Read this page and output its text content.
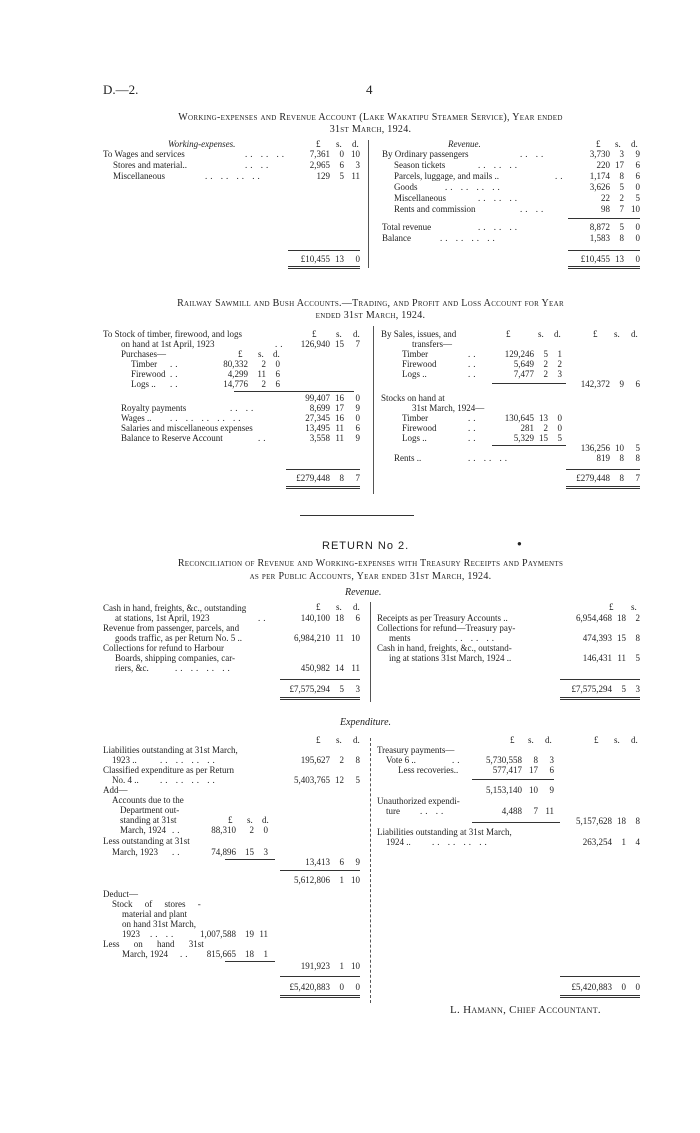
D.—2.	4
Working-expenses and Revenue Account (Lake Wakatipu Steamer Service), Year ended
31st March, 1924.
Working-expenses.	£ s. d.	Revenue.	£ s. d.
To Wages and services	.. .. ..	7,361	0 10
Stores and material..	.. ..	2,965	6	3
Miscellaneous	.. .. .. ..	129	5 11
By Ordinary passengers	.. ..	3,730	3	9
Season tickets	.. .. ..	220 17	6
Parcels, luggage, and mails ..	..	1,174	8	6
Goods	.. .. .. ..	3,626	5	0
Miscellaneous	.. .. ..	22	2	5
Rents and commission	.. ..	98	7 10
Total revenue	.. .. ..	8,872	5	0
Balance	.. .. .. ..	1,583	8	0
£10,455 13	0	£10,455 13	0
Railway Sawmill and Bush Accounts.—Trading, and Profit and Loss Account for Year
ended 31st March, 1924.
To Stock of timber, firewood, and logs	£ s. d.
on hand at 1st April, 1923	..	126,940 15	7
Purchases—	£ s. d.
Timber ..	80,332	2	0
Firewood ..	4,299	11	6
Logs .. ..	14,776	2	6
99,407 16	0
Royalty payments	.. ..	8,699 17	9
Wages .. .. .. .. .. ..	27,345 16	0
Salaries and miscellaneous expenses	13,495 11	6
Balance to Reserve Account	..	3,558 11	9
By Sales, issues, and	£	s. d.	£ s. d.
transfers—
Timber	..	129,246	5	1
Firewood	..	5,649	2	2
Logs ..	..	7,477	2	3
142,372	9	6
Stocks on hand at
31st March, 1924—
Timber	..	130,645 13	0
Firewood	..	281	2	0
Logs ..	..	5,329 15	5
136,256 10	5
Rents ..	.. .. ..	819	8	8
£279,448	8	7	£279,448	8	7
RETURN No 2.	●
Reconciliation of Revenue and Working-expenses with Treasury Receipts and Payments
as per Public Accounts, Year ended 31st March, 1924.
Revenue.
£ s. d.	£ s.
Cash in hand, freights, &c., outstanding
at stations, 1st April, 1923	..	140,100 18	6
Revenue from passenger, parcels, and
goods traffic, as per Return No. 5 ..	6,984,210 11 10
Collections for refund to Harbour
Boards, shipping companies, car-
riers, &c.	.. .. .. ..	450,982 14 11
Receipts as per Treasury Accounts ..	6,954,468 18	2
Collections for refund—Treasury pay-
ments	.. .. ..	474,393 15	8
Cash in hand, freights, &c., outstand-
ing at stations 31st March, 1924 ..	146,431 11	5
£7,575,294	5	3	£7,575,294	5	3
Expenditure.
£ s. d.	£ s. d.	£ s. d.
Liabilities outstanding at 31st March,
1923 ..	.. .. .. ..	195,627	2	8
Classified expenditure as per Return
No. 4 .. .. .. .. ..	5,403,765 12	5
Add—
Accounts due to the
Department out-
standing at 31st	£ s. d.
March, 1924 ..	88,310	2	0
Less outstanding at 31st
March, 1923 ..	74,896	15	3
13,413	6	9
5,612,806	1 10
Deduct—
Stock of stores -
material and plant
on hand 31st March,
1923 .. ..	1,007,588	19 11
Less on hand 31st
March, 1924 ..	815,665	18	1
191,923	1 10
Treasury payments—
Vote 6 ..	..	5,730,558	8	3
Less recoveries..	577,417 17	6
5,153,140 10	9
Unauthorized expendi-
ture .. ..	4,488	7 11
5,157,628 18	8
Liabilities outstanding at 31st March,
1924 .. .. .. .. ..	263,254	1	4
£5,420,883	0	0	£5,420,883	0	0
L. Hamann, Chief Accountant.
